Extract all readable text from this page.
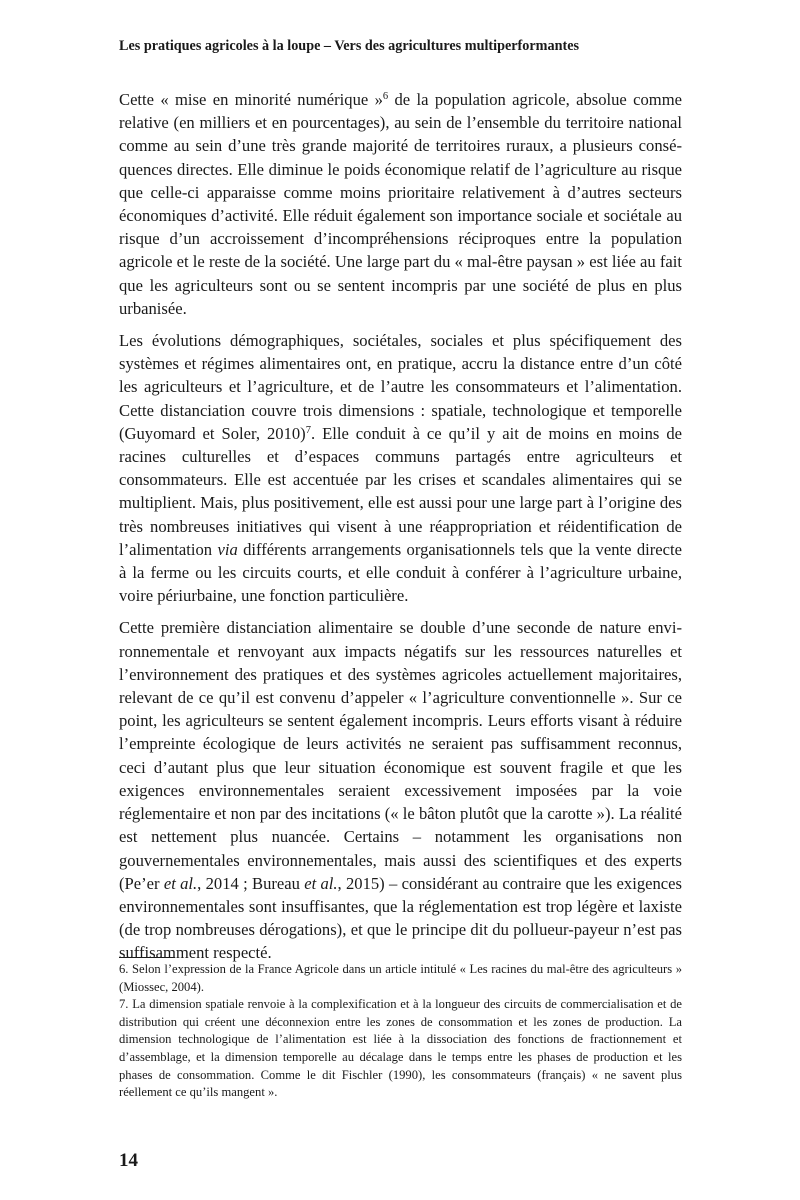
Les pratiques agricoles à la loupe – Vers des agricultures multiperformantes

Cette « mise en minorité numérique »$^6$ de la population agricole, absolue comme relative (en milliers et en pourcentages), au sein de l’ensemble du territoire national comme au sein d’une très grande majorité de territoires ruraux, a plusieurs conséquences directes. Elle diminue le poids économique relatif de l’agriculture au risque que celle-ci apparaisse comme moins prioritaire relativement à d’autres secteurs économiques d’activité. Elle réduit également son importance sociale et sociétale au risque d’un accroissement d’incompréhensions réciproques entre la population agricole et le reste de la société. Une large part du « mal-être paysan » est liée au fait que les agriculteurs sont ou se sentent incompris par une société de plus en plus urbanisée.

Les évolutions démographiques, sociétales, sociales et plus spécifiquement des systèmes et régimes alimentaires ont, en pratique, accru la distance entre d’un côté les agriculteurs et l’agriculture, et de l’autre les consommateurs et l’alimentation. Cette distanciation couvre trois dimensions : spatiale, technologique et temporelle (Guyomard et Soler, 2010)$^7$. Elle conduit à ce qu’il y ait de moins en moins de racines culturelles et d’espaces communs partagés entre agriculteurs et consommateurs. Elle est accentuée par les crises et scandales alimentaires qui se multiplient. Mais, plus positivement, elle est aussi pour une large part à l’origine des très nombreuses initiatives qui visent à une réappropriation et réidentification de l’alimentation via différents arrangements organisationnels tels que la vente directe à la ferme ou les circuits courts, et elle conduit à conférer à l’agriculture urbaine, voire périurbaine, une fonction particulière.

Cette première distanciation alimentaire se double d’une seconde de nature environnementale et renvoyant aux impacts négatifs sur les ressources naturelles et l’environnement des pratiques et des systèmes agricoles actuellement majoritaires, relevant de ce qu’il est convenu d’appeler « l’agriculture conventionnelle ». Sur ce point, les agriculteurs se sentent également incompris. Leurs efforts visant à réduire l’empreinte écologique de leurs activités ne seraient pas suffisamment reconnus, ceci d’autant plus que leur situation économique est souvent fragile et que les exigences environnementales seraient excessivement imposées par la voie réglementaire et non par des incitations (« le bâton plutôt que la carotte »). La réalité est nettement plus nuancée. Certains – notamment les organisations non gouvernementales environnementales, mais aussi des scientifiques et des experts (Pe’er et al., 2014 ; Bureau et al., 2015) – considérant au contraire que les exigences environnementales sont insuffisantes, que la réglementation est trop légère et laxiste (de trop nombreuses dérogations), et que le principe dit du pollueur-payeur n’est pas suffisamment respecté.

6. Selon l’expression de la France Agricole dans un article intitulé « Les racines du mal-être des agriculteurs » (Miossec, 2004).

7. La dimension spatiale renvoie à la complexification et à la longueur des circuits de commercialisation et de distribution qui créent une déconnexion entre les zones de consommation et les zones de production. La dimension technologique de l’alimentation est liée à la dissociation des fonctions de fractionnement et d’assemblage, et la dimension temporelle au décalage dans le temps entre les phases de production et les phases de consommation. Comme le dit Fischler (1990), les consommateurs (français) « ne savent plus réellement ce qu’ils mangent ».

14
